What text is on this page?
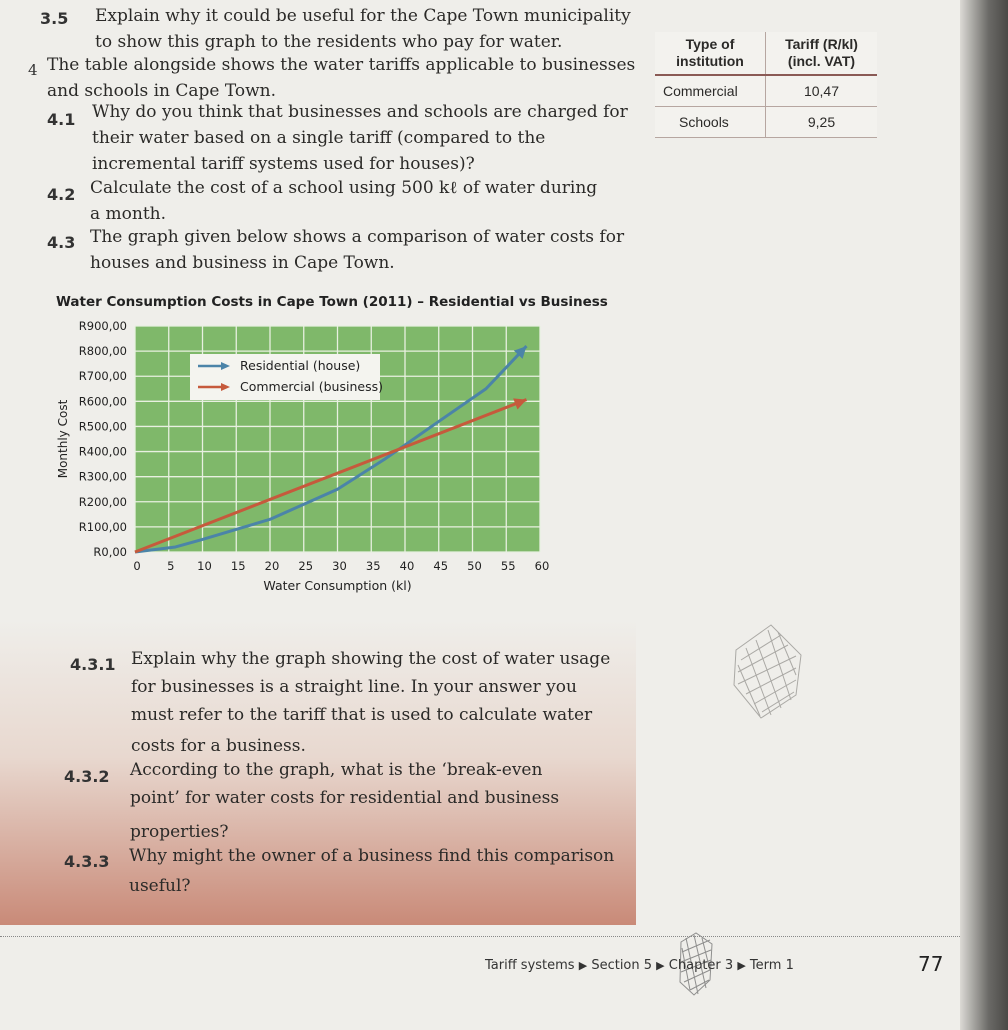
3.5 Explain why it could be useful for the Cape Town municipality
to show this graph to the residents who pay for water.
4 The table alongside shows the water tariffs applicable to businesses
and schools in Cape Town.
4.1 Why do you think that businesses and schools are charged for
their water based on a single tariff (compared to the
incremental tariff systems used for houses)?
4.2 Calculate the cost of a school using 500 kℓ of water during
a month.
4.3 The graph given below shows a comparison of water costs for
houses and business in Cape Town.
Type of institution	Tariff (R/kl) (incl. VAT)
Commercial	10,47
Schools	9,25
Water Consumption Costs in Cape Town (2011) – Residential vs Business
R0,00
R100,00
R200,00
R300,00
R400,00
R500,00
R600,00
R700,00
R800,00
R900,00
0 5 10 15 20 25 30 35 40 45 50 55 60
Water Consumption (kl)
Monthly Cost
Residential (house)
Commercial (business)
4.3.1 Explain why the graph showing the cost of water usage
for businesses is a straight line. In your answer you
must refer to the tariff that is used to calculate water
costs for a business.
4.3.2 According to the graph, what is the ‘break-even
point’ for water costs for residential and business
properties?
4.3.3 Why might the owner of a business find this comparison
useful?
Tariff systems ▶ Section 5 ▶ Chapter 3 ▶ Term 1	77
